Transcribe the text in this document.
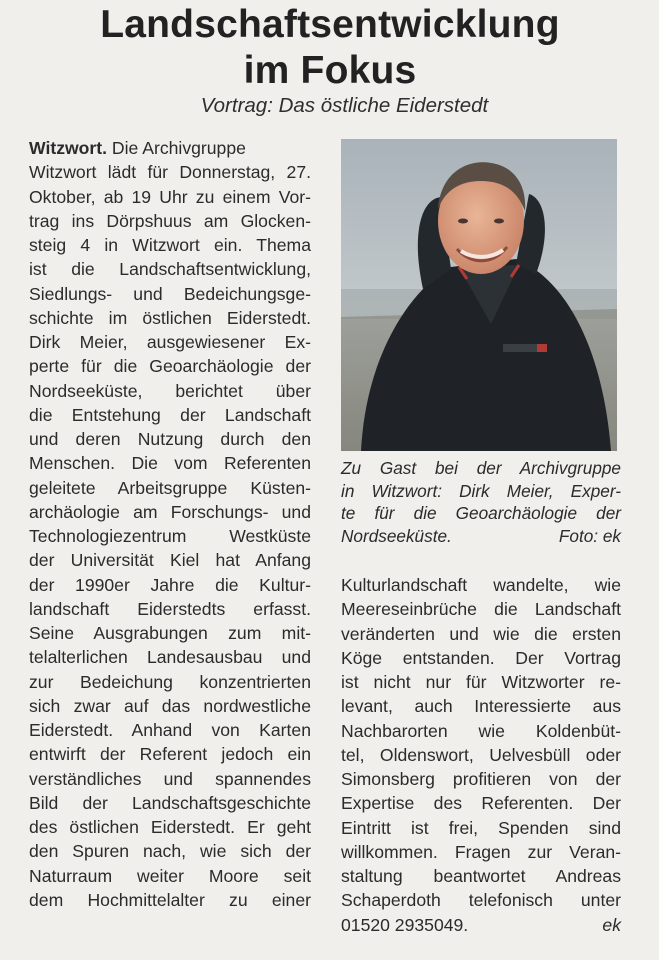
Landschaftsentwicklung
im Fokus

Vortrag: Das östliche Eiderstedt

Witzwort. Die Archivgruppe
Witzwort lädt für Donnerstag, 27.
Oktober, ab 19 Uhr zu einem Vor-
trag ins Dörpshuus am Glocken-
steig 4 in Witzwort ein. Thema
ist die Landschaftsentwicklung,
Siedlungs- und Bedeichungsge-
schichte im östlichen Eiderstedt.
Dirk Meier, ausgewiesener Ex-
perte für die Geoarchäologie der
Nordseeküste, berichtet über
die Entstehung der Landschaft
und deren Nutzung durch den
Menschen. Die vom Referenten
geleitete Arbeitsgruppe Küsten-
archäologie am Forschungs- und
Technologiezentrum Westküste
der Universität Kiel hat Anfang
der 1990er Jahre die Kultur-
landschaft Eiderstedts erfasst.
Seine Ausgrabungen zum mit-
telalterlichen Landesausbau und
zur Bedeichung konzentrierten
sich zwar auf das nordwestliche
Eiderstedt. Anhand von Karten
entwirft der Referent jedoch ein
verständliches und spannendes
Bild der Landschaftsgeschichte
des östlichen Eiderstedt. Er geht
den Spuren nach, wie sich der
Naturraum weiter Moore seit
dem Hochmittelalter zu einer
Zu Gast bei der Archivgruppe
in Witzwort: Dirk Meier, Exper-
te für die Geoarchäologie der
Nordseeküste.	Foto: ek
Kulturlandschaft wandelte, wie
Meereseinbrüche die Landschaft
veränderten und wie die ersten
Köge entstanden. Der Vortrag
ist nicht nur für Witzworter re-
levant, auch Interessierte aus
Nachbarorten wie Koldenbüt-
tel, Oldenswort, Uelvesbüll oder
Simonsberg profitieren von der
Expertise des Referenten. Der
Eintritt ist frei, Spenden sind
willkommen. Fragen zur Veran-
staltung beantwortet Andreas
Schaperdoth telefonisch unter
01520 2935049.	ek
